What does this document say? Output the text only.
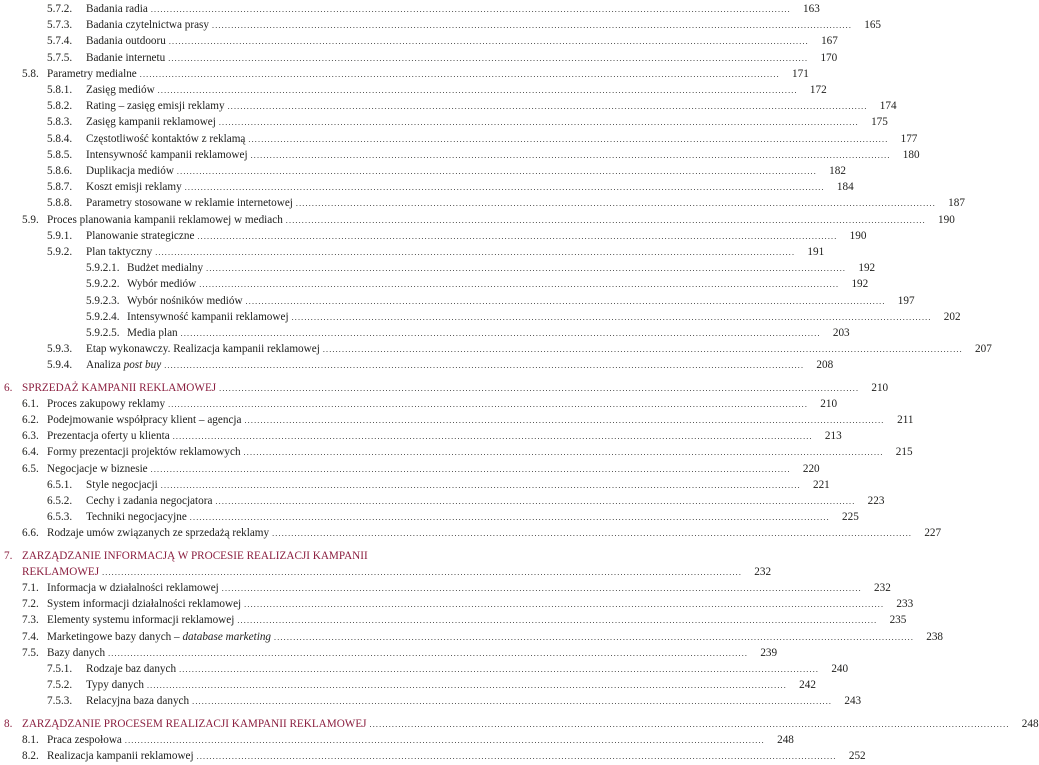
5.7.2. Badania radia ........................................................................................................................................................................................................	163
5.7.3. Badania czytelnictwa prasy ........................................................................................................................................................................................................	165
5.7.4. Badania outdooru ........................................................................................................................................................................................................	167
5.7.5. Badanie internetu ........................................................................................................................................................................................................	170
5.8. Parametry medialne ........................................................................................................................................................................................................	171
5.8.1. Zasięg mediów ........................................................................................................................................................................................................	172
5.8.2. Rating – zasięg emisji reklamy ........................................................................................................................................................................................................	174
5.8.3. Zasięg kampanii reklamowej ........................................................................................................................................................................................................	175
5.8.4. Częstotliwość kontaktów z reklamą ........................................................................................................................................................................................................	177
5.8.5. Intensywność kampanii reklamowej ........................................................................................................................................................................................................	180
5.8.6. Duplikacja mediów ........................................................................................................................................................................................................	182
5.8.7. Koszt emisji reklamy ........................................................................................................................................................................................................	184
5.8.8. Parametry stosowane w reklamie internetowej ........................................................................................................................................................................................................	187
5.9. Proces planowania kampanii reklamowej w mediach ........................................................................................................................................................................................................	190
5.9.1. Planowanie strategiczne ........................................................................................................................................................................................................	190
5.9.2. Plan taktyczny ........................................................................................................................................................................................................	191
5.9.2.1. Budżet medialny ........................................................................................................................................................................................................	192
5.9.2.2. Wybór mediów ........................................................................................................................................................................................................	192
5.9.2.3. Wybór nośników mediów ........................................................................................................................................................................................................	197
5.9.2.4. Intensywność kampanii reklamowej ........................................................................................................................................................................................................	202
5.9.2.5. Media plan ........................................................................................................................................................................................................	203
5.9.3. Etap wykonawczy. Realizacja kampanii reklamowej ........................................................................................................................................................................................................	207
5.9.4. Analiza post buy ........................................................................................................................................................................................................	208
6. SPRZEDAŻ KAMPANII REKLAMOWEJ ........................................................................................................................................................................................................	210
6.1. Proces zakupowy reklamy ........................................................................................................................................................................................................	210
6.2. Podejmowanie współpracy klient – agencja ........................................................................................................................................................................................................	211
6.3. Prezentacja oferty u klienta ........................................................................................................................................................................................................	213
6.4. Formy prezentacji projektów reklamowych ........................................................................................................................................................................................................	215
6.5. Negocjacje w biznesie ........................................................................................................................................................................................................	220
6.5.1. Style negocjacji ........................................................................................................................................................................................................	221
6.5.2. Cechy i zadania negocjatora ........................................................................................................................................................................................................	223
6.5.3. Techniki negocjacyjne ........................................................................................................................................................................................................	225
6.6. Rodzaje umów związanych ze sprzedażą reklamy ........................................................................................................................................................................................................	227
7. ZARZĄDZANIE INFORMACJĄ W PROCESIE REALIZACJI KAMPANII
REKLAMOWEJ ........................................................................................................................................................................................................	232
7.1. Informacja w działalności reklamowej ........................................................................................................................................................................................................	232
7.2. System informacji działalności reklamowej ........................................................................................................................................................................................................	233
7.3. Elementy systemu informacji reklamowej ........................................................................................................................................................................................................	235
7.4. Marketingowe bazy danych – database marketing ........................................................................................................................................................................................................	238
7.5. Bazy danych ........................................................................................................................................................................................................	239
7.5.1. Rodzaje baz danych ........................................................................................................................................................................................................	240
7.5.2. Typy danych ........................................................................................................................................................................................................	242
7.5.3. Relacyjna baza danych ........................................................................................................................................................................................................	243
8. ZARZĄDZANIE PROCESEM REALIZACJI KAMPANII REKLAMOWEJ ........................................................................................................................................................................................................	248
8.1. Praca zespołowa ........................................................................................................................................................................................................	248
8.2. Realizacja kampanii reklamowej ........................................................................................................................................................................................................	252
